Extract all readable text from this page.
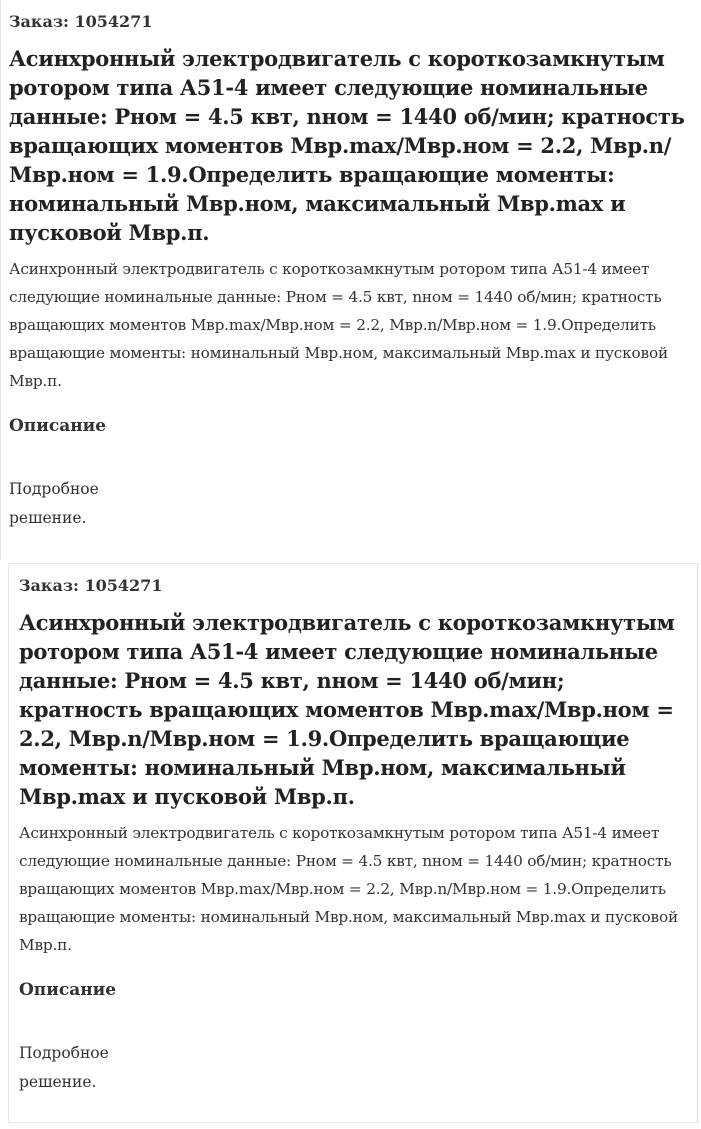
Заказ: 1054271
Асинхронный электродвигатель с короткозамкнутым ротором типа А51-4 имеет следующие номинальные данные: Рном = 4.5 квт, nном = 1440 об/мин; кратность вращающих моментов Мвр.max/Мвр.ном = 2.2, Мвр.n/Мвр.ном = 1.9.Определить вращающие моменты: номинальный Мвр.ном, максимальный Мвр.max и пусковой Мвр.п.
Асинхронный электродвигатель с короткозамкнутым ротором типа А51-4 имеет следующие номинальные данные: Рном = 4.5 квт, nном = 1440 об/мин; кратность вращающих моментов Мвр.max/Мвр.ном = 2.2, Мвр.n/Мвр.ном = 1.9.Определить вращающие моменты: номинальный Мвр.ном, максимальный Мвр.max и пусковой Мвр.п.
Описание
Подробное решение.
Заказ: 1054271
Асинхронный электродвигатель с короткозамкнутым ротором типа А51-4 имеет следующие номинальные данные: Рном = 4.5 квт, nном = 1440 об/мин; кратность вращающих моментов Мвр.max/Мвр.ном = 2.2, Мвр.n/Мвр.ном = 1.9.Определить вращающие моменты: номинальный Мвр.ном, максимальный Мвр.max и пусковой Мвр.п.
Асинхронный электродвигатель с короткозамкнутым ротором типа А51-4 имеет следующие номинальные данные: Рном = 4.5 квт, nном = 1440 об/мин; кратность вращающих моментов Мвр.max/Мвр.ном = 2.2, Мвр.n/Мвр.ном = 1.9.Определить вращающие моменты: номинальный Мвр.ном, максимальный Мвр.max и пусковой Мвр.п.
Описание
Подробное решение.
